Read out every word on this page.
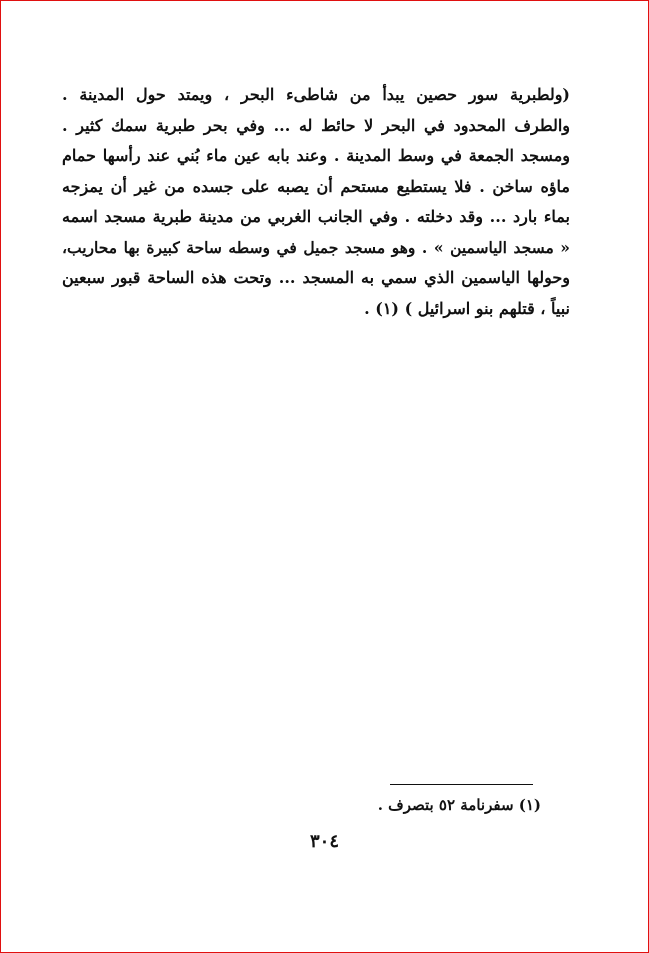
(ولطبرية سور حصين يبدأ من شاطىء البحر ، ويمتد حول المدينة .
والطرف المحدود في البحر لا حائط له ... وفي بحر طبرية سمك كثير .
ومسجد الجمعة في وسط المدينة . وعند بابه عين ماء بُني عند رأسها حمام
ماؤه ساخن . فلا يستطيع مستحم أن يصبه على جسده من غير أن يمزجه
بماء بارد ... وقد دخلته . وفي الجانب الغربي من مدينة طبرية مسجد اسمه
« مسجد الياسمين » . وهو مسجد جميل في وسطه ساحة كبيرة بها محاريب،
وحولها الياسمين الذي سمي به المسجد ... وتحت هذه الساحة قبور سبعين
نبياً ، قتلهم بنو اسرائيل ) (١) .
(١) سفرنامة ٥٢ بتصرف .
٣٠٤
